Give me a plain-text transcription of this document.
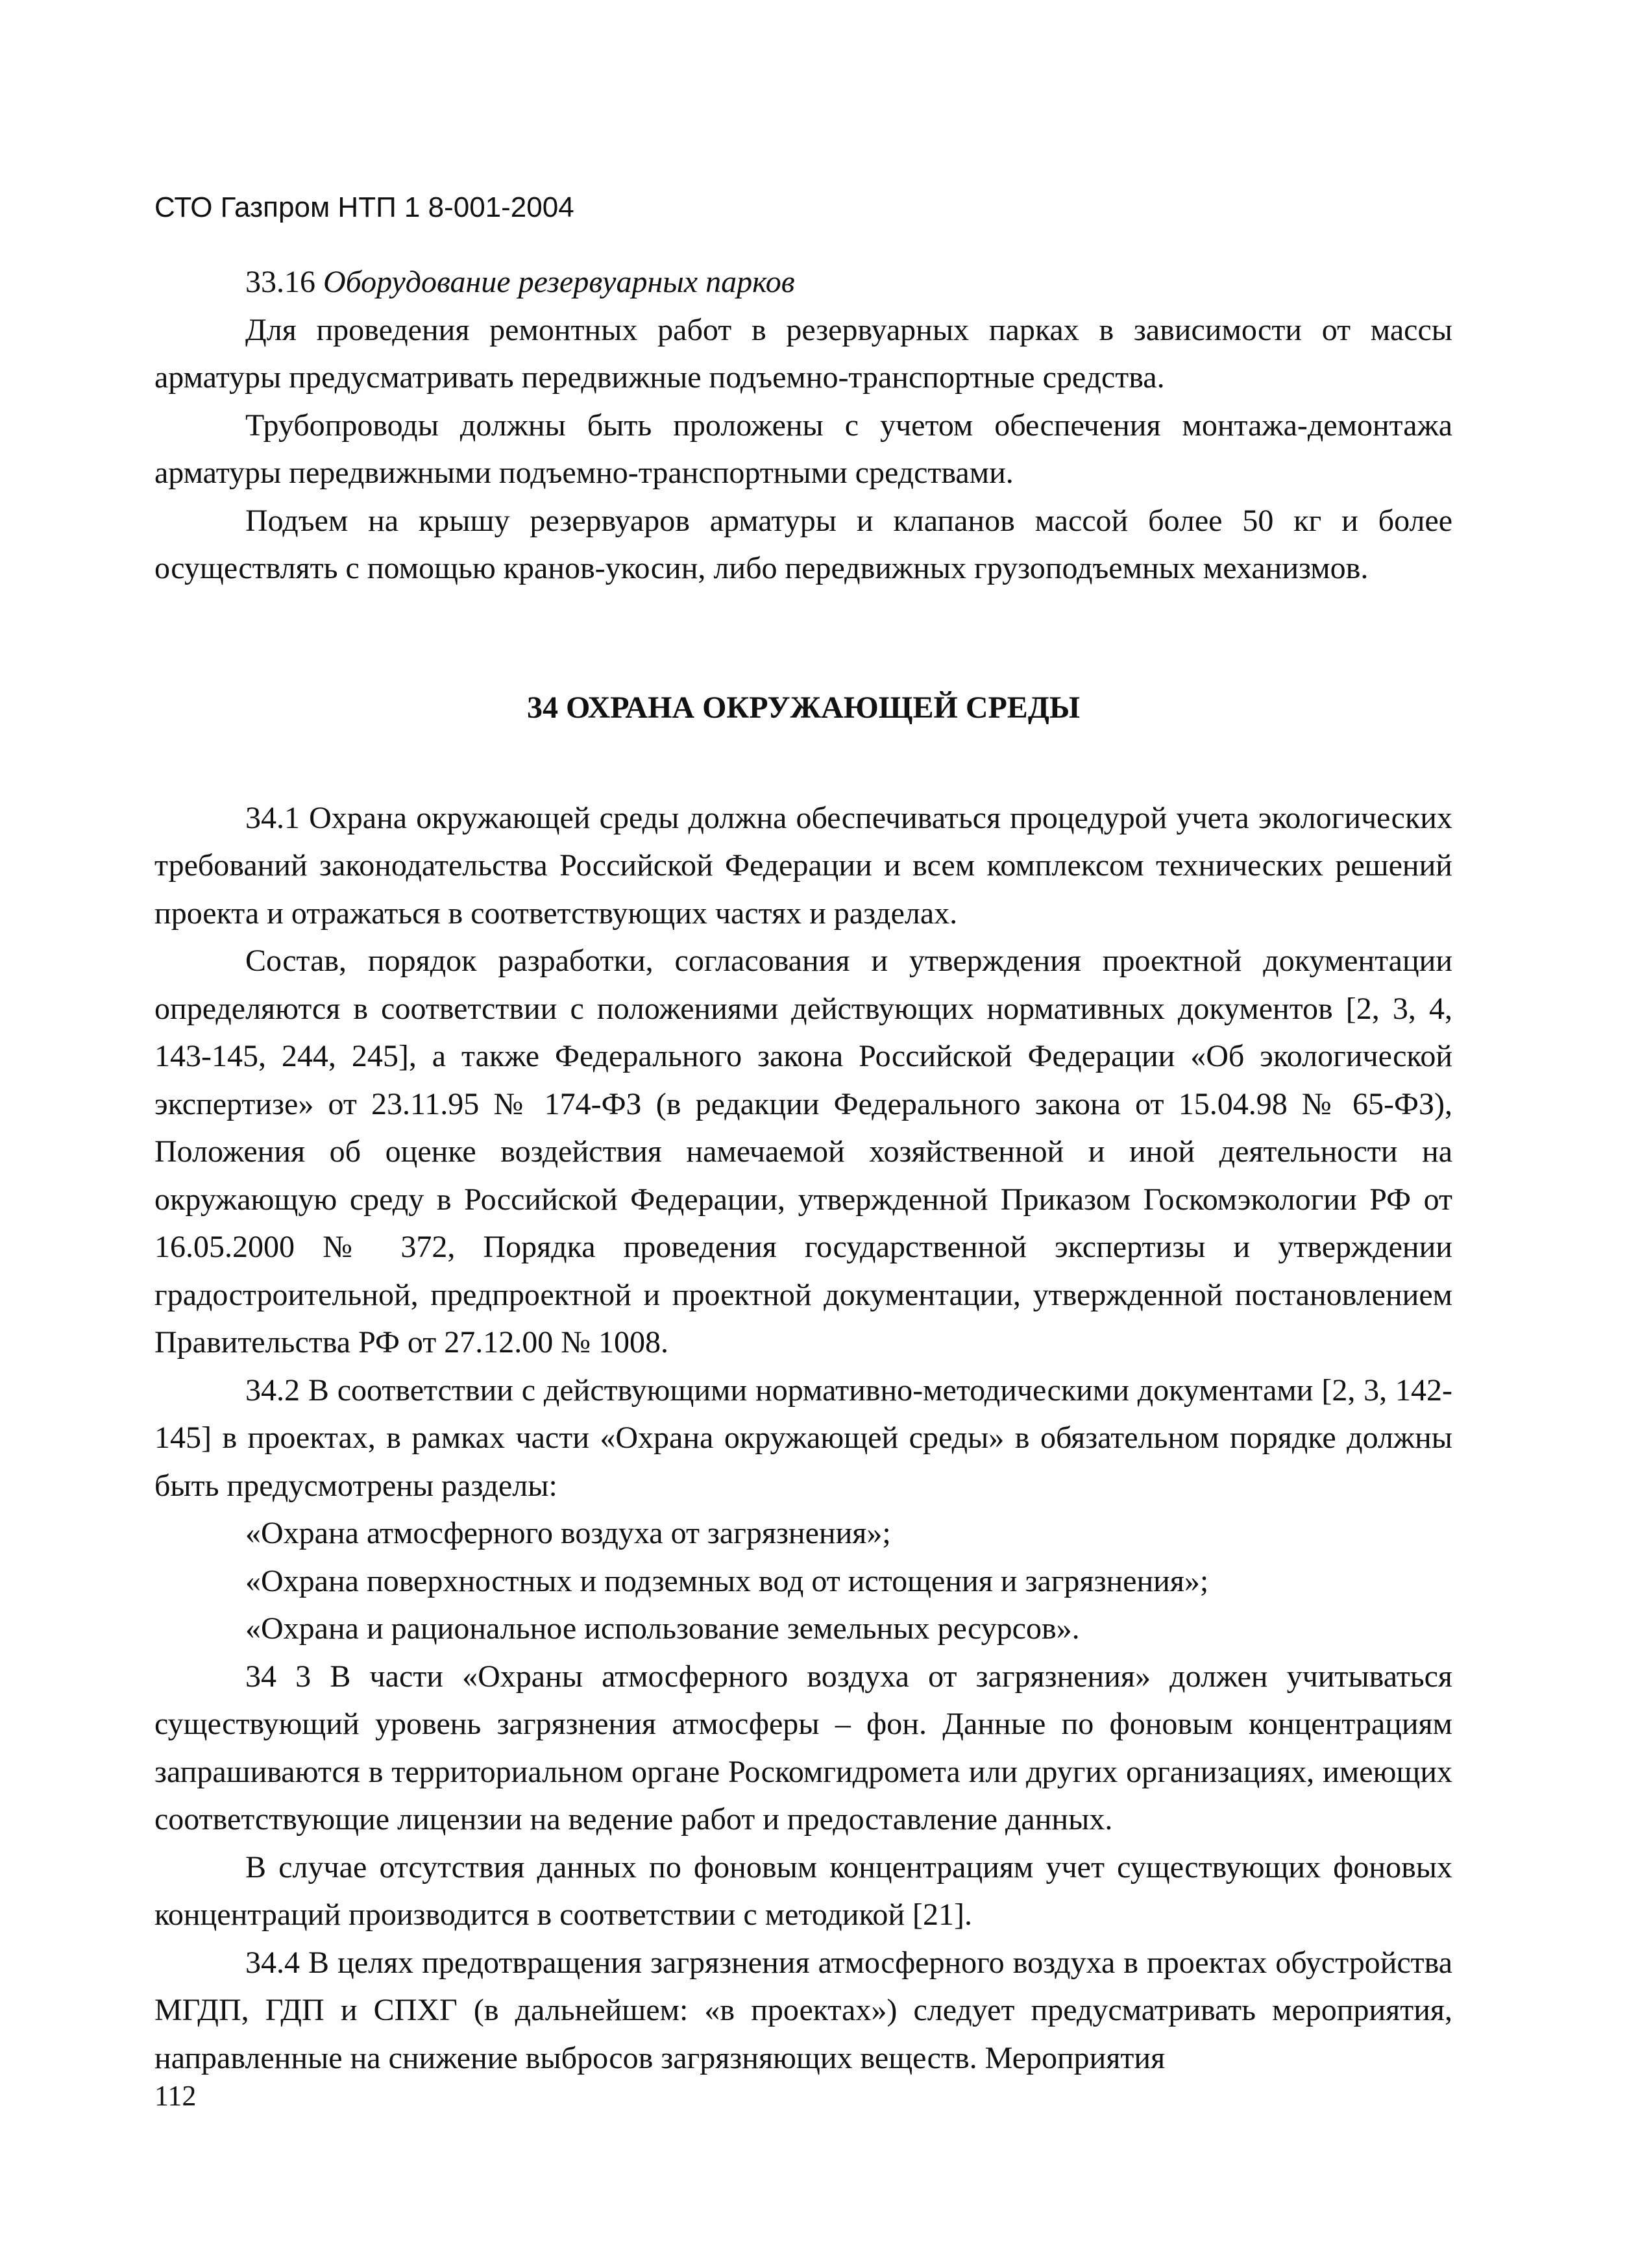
СТО Газпром НТП 1 8-001-2004

33.16 Оборудование резервуарных парков

Для проведения ремонтных работ в резервуарных парках в зависимости от массы арматуры предусматривать передвижные подъемно-транспортные средства.

Трубопроводы должны быть проложены с учетом обеспечения монтажа-демонтажа арматуры передвижными подъемно-транспортными средствами.

Подъем на крышу резервуаров арматуры и клапанов массой более 50 кг и более осуществлять с помощью кранов-укосин, либо передвижных грузоподъемных механизмов.

34 ОХРАНА ОКРУЖАЮЩЕЙ СРЕДЫ

34.1 Охрана окружающей среды должна обеспечиваться процедурой учета экологических требований законодательства Российской Федерации и всем комплексом технических решений проекта и отражаться в соответствующих частях и разделах.

Состав, порядок разработки, согласования и утверждения проектной документации определяются в соответствии с положениями действующих нормативных документов [2, 3, 4, 143-145, 244, 245], а также Федерального закона Российской Федерации «Об экологической экспертизе» от 23.11.95 № 174-ФЗ (в редакции Федерального закона от 15.04.98 № 65-ФЗ), Положения об оценке воздействия намечаемой хозяйственной и иной деятельности на окружающую среду в Российской Федерации, утвержденной Приказом Госкомэкологии РФ от 16.05.2000 № 372, Порядка проведения государственной экспертизы и утверждении градостроительной, предпроектной и проектной документации, утвержденной постановлением Правительства РФ от 27.12.00 № 1008.

34.2 В соответствии с действующими нормативно-методическими документами [2, 3, 142-145] в проектах, в рамках части «Охрана окружающей среды» в обязательном порядке должны быть предусмотрены разделы:

«Охрана атмосферного воздуха от загрязнения»;

«Охрана поверхностных и подземных вод от истощения и загрязнения»;

«Охрана и рациональное использование земельных ресурсов».

34 3 В части «Охраны атмосферного воздуха от загрязнения» должен учитываться существующий уровень загрязнения атмосферы – фон. Данные по фоновым концентрациям запрашиваются в территориальном органе Роскомгидромета или других организациях, имеющих соответствующие лицензии на ведение работ и предоставление данных.

В случае отсутствия данных по фоновым концентрациям учет существующих фоновых концентраций производится в соответствии с методикой [21].

34.4 В целях предотвращения загрязнения атмосферного воздуха в проектах обустройства МГДП, ГДП и СПХГ (в дальнейшем: «в проектах») следует предусматривать мероприятия, направленные на снижение выбросов загрязняющих веществ. Мероприятия

112
